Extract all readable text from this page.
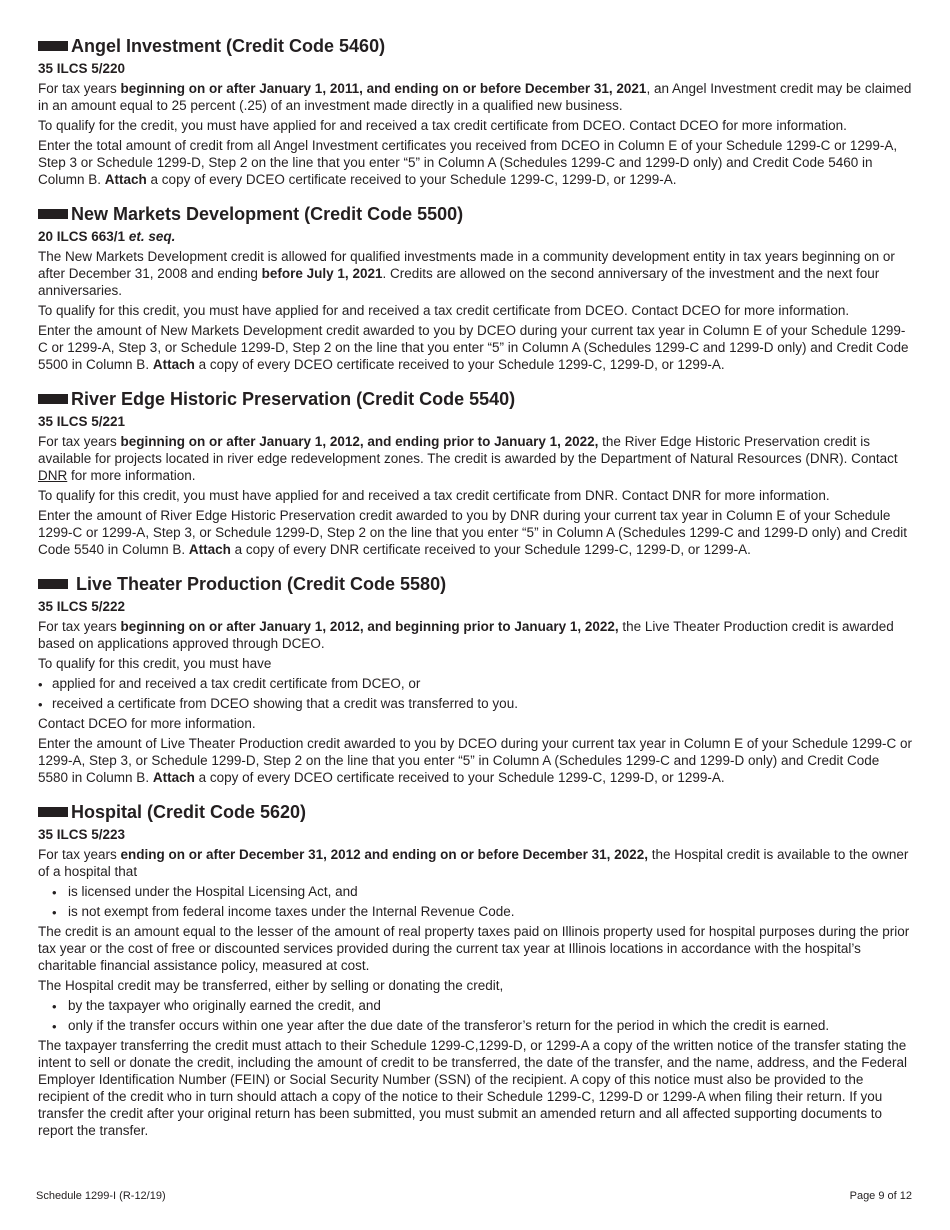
Angel Investment (Credit Code 5460)
35 ILCS 5/220

For tax years beginning on or after January 1, 2011, and ending on or before December 31, 2021, an Angel Investment credit may be claimed in an amount equal to 25 percent (.25) of an investment made directly in a qualified new business.

To qualify for the credit, you must have applied for and received a tax credit certificate from DCEO. Contact DCEO for more information.

Enter the total amount of credit from all Angel Investment certificates you received from DCEO in Column E of your Schedule 1299-C or 1299-A, Step 3 or Schedule 1299-D, Step 2 on the line that you enter “5” in Column A (Schedules 1299-C and 1299-D only) and Credit Code 5460 in Column B. Attach a copy of every DCEO certificate received to your Schedule 1299-C, 1299-D, or 1299-A.

New Markets Development (Credit Code 5500)
20 ILCS 663/1 et. seq.

The New Markets Development credit is allowed for qualified investments made in a community development entity in tax years beginning on or after December 31, 2008 and ending before July 1, 2021. Credits are allowed on the second anniversary of the investment and the next four anniversaries.

To qualify for this credit, you must have applied for and received a tax credit certificate from DCEO. Contact DCEO for more information.

Enter the amount of New Markets Development credit awarded to you by DCEO during your current tax year in Column E of your Schedule 1299-C or 1299-A, Step 3, or Schedule 1299-D, Step 2 on the line that you enter “5” in Column A (Schedules 1299-C and 1299-D only) and Credit Code 5500 in Column B. Attach a copy of every DCEO certificate received to your Schedule 1299-C, 1299-D, or 1299-A.

River Edge Historic Preservation (Credit Code 5540)
35 ILCS 5/221

For tax years beginning on or after January 1, 2012, and ending prior to January 1, 2022, the River Edge Historic Preservation credit is available for projects located in river edge redevelopment zones. The credit is awarded by the Department of Natural Resources (DNR). Contact DNR for more information.

To qualify for this credit, you must have applied for and received a tax credit certificate from DNR. Contact DNR for more information.

Enter the amount of River Edge Historic Preservation credit awarded to you by DNR during your current tax year in Column E of your Schedule 1299-C or 1299-A, Step 3, or Schedule 1299-D, Step 2 on the line that you enter “5” in Column A (Schedules 1299-C and 1299-D only) and Credit Code 5540 in Column B. Attach a copy of every DNR certificate received to your Schedule 1299-C, 1299-D, or 1299-A.

Live Theater Production (Credit Code 5580)
35 ILCS 5/222

For tax years beginning on or after January 1, 2012, and beginning prior to January 1, 2022, the Live Theater Production credit is awarded based on applications approved through DCEO.

To qualify for this credit, you must have

• applied for and received a tax credit certificate from DCEO, or
• received a certificate from DCEO showing that a credit was transferred to you.

Contact DCEO for more information.

Enter the amount of Live Theater Production credit awarded to you by DCEO during your current tax year in Column E of your Schedule 1299-C or 1299-A, Step 3, or Schedule 1299-D, Step 2 on the line that you enter “5” in Column A (Schedules 1299-C and 1299-D only) and Credit Code 5580 in Column B. Attach a copy of every DCEO certificate received to your Schedule 1299-C, 1299-D, or 1299-A.

Hospital (Credit Code 5620)
35 ILCS 5/223

For tax years ending on or after December 31, 2012 and ending on or before December 31, 2022, the Hospital credit is available to the owner of a hospital that

• is licensed under the Hospital Licensing Act, and
• is not exempt from federal income taxes under the Internal Revenue Code.

The credit is an amount equal to the lesser of the amount of real property taxes paid on Illinois property used for hospital purposes during the prior tax year or the cost of free or discounted services provided during the current tax year at Illinois locations in accordance with the hospital’s charitable financial assistance policy, measured at cost.

The Hospital credit may be transferred, either by selling or donating the credit,

• by the taxpayer who originally earned the credit, and
• only if the transfer occurs within one year after the due date of the transferor’s return for the period in which the credit is earned.

The taxpayer transferring the credit must attach to their Schedule 1299-C,1299-D, or 1299-A a copy of the written notice of the transfer stating the intent to sell or donate the credit, including the amount of credit to be transferred, the date of the transfer, and the name, address, and the Federal Employer Identification Number (FEIN) or Social Security Number (SSN) of the recipient. A copy of this notice must also be provided to the recipient of the credit who in turn should attach a copy of the notice to their Schedule 1299-C, 1299-D or 1299-A when filing their return. If you transfer the credit after your original return has been submitted, you must submit an amended return and all affected supporting documents to report the transfer.

Schedule 1299-I (R-12/19)	Page 9 of 12
